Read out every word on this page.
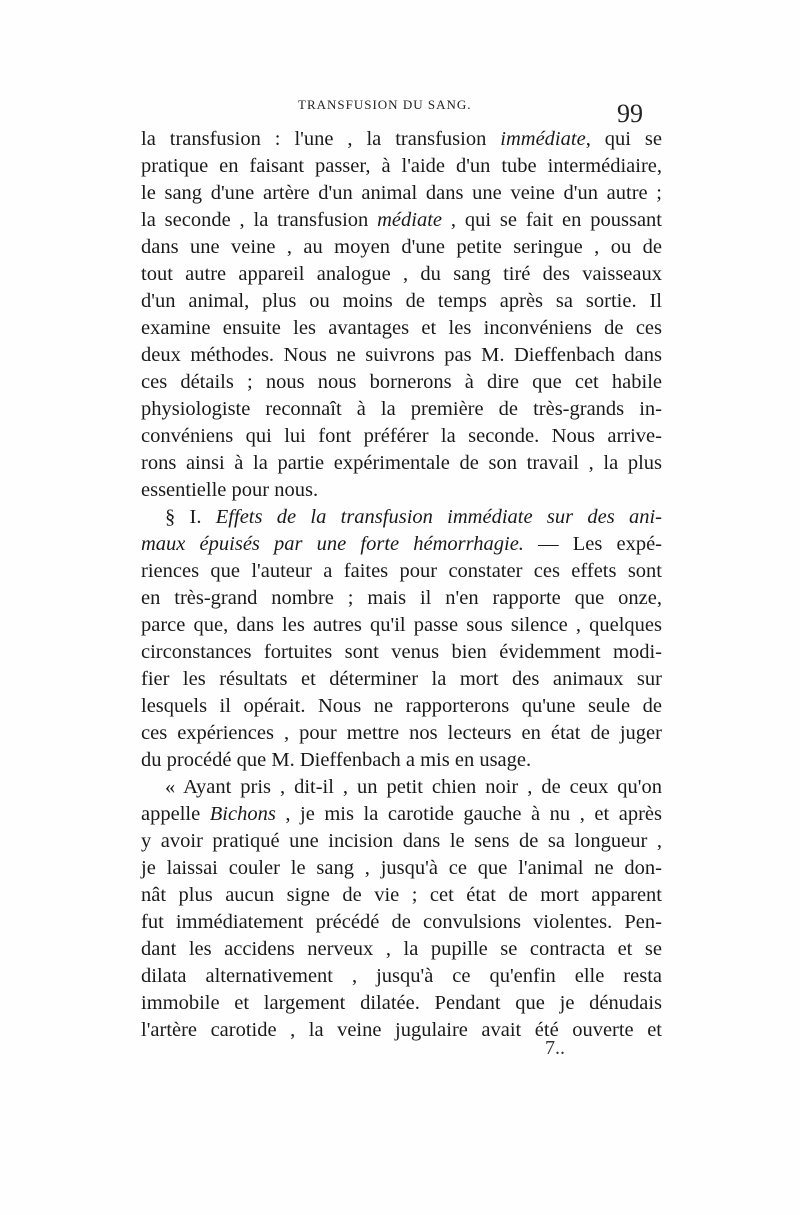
TRANSFUSION DU SANG.	99
la transfusion : l'une , la transfusion immédiate, qui se
pratique en faisant passer, à l'aide d'un tube intermédiaire,
le sang d'une artère d'un animal dans une veine d'un autre ;
la seconde , la transfusion médiate , qui se fait en poussant
dans une veine , au moyen d'une petite seringue , ou de
tout autre appareil analogue , du sang tiré des vaisseaux
d'un animal, plus ou moins de temps après sa sortie. Il
examine ensuite les avantages et les inconvéniens de ces
deux méthodes. Nous ne suivrons pas M. Dieffenbach dans
ces détails ; nous nous bornerons à dire que cet habile
physiologiste reconnaît à la première de très-grands in-
convéniens qui lui font préférer la seconde. Nous arrive-
rons ainsi à la partie expérimentale de son travail , la plus
essentielle pour nous.
§ I. Effets de la transfusion immédiate sur des ani-
maux épuisés par une forte hémorrhagie. — Les expé-
riences que l'auteur a faites pour constater ces effets sont
en très-grand nombre ; mais il n'en rapporte que onze,
parce que, dans les autres qu'il passe sous silence , quelques
circonstances fortuites sont venus bien évidemment modi-
fier les résultats et déterminer la mort des animaux sur
lesquels il opérait. Nous ne rapporterons qu'une seule de
ces expériences , pour mettre nos lecteurs en état de juger
du procédé que M. Dieffenbach a mis en usage.
« Ayant pris , dit-il , un petit chien noir , de ceux qu'on
appelle Bichons , je mis la carotide gauche à nu , et après
y avoir pratiqué une incision dans le sens de sa longueur ,
je laissai couler le sang , jusqu'à ce que l'animal ne don-
nât plus aucun signe de vie ; cet état de mort apparent
fut immédiatement précédé de convulsions violentes. Pen-
dant les accidens nerveux , la pupille se contracta et se
dilata alternativement , jusqu'à ce qu'enfin elle resta
immobile et largement dilatée. Pendant que je dénudais
l'artère carotide , la veine jugulaire avait été ouverte et
7..
